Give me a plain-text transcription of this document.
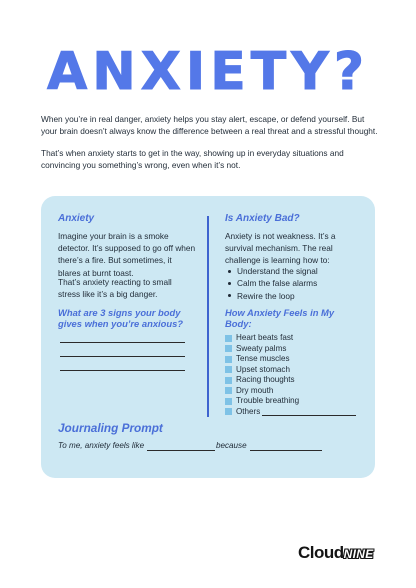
ANXIETY?

When you’re in real danger, anxiety helps you stay alert, escape, or defend yourself. But your brain doesn’t always know the difference between a real threat and a stressful thought.

That’s when anxiety starts to get in the way, showing up in everyday situations and convincing you something’s wrong, even when it’s not.

Anxiety

Imagine your brain is a smoke detector. It’s supposed to go off when there’s a fire. But sometimes, it blares at burnt toast.

That’s anxiety reacting to small stress like it’s a big danger.

What are 3 signs your body gives when you’re anxious?
Is Anxiety Bad?

Anxiety is not weakness. It’s a survival mechanism. The real challenge is learning how to:

Understand the signal
Calm the false alarms
Rewire the loop
How Anxiety Feels in My Body:
Heart beats fast
Sweaty palms
Tense muscles
Upset stomach
Racing thoughts
Dry mouth
Trouble breathing
Others
Journaling Prompt
To me, anxiety feels like	because
CloudNINE
